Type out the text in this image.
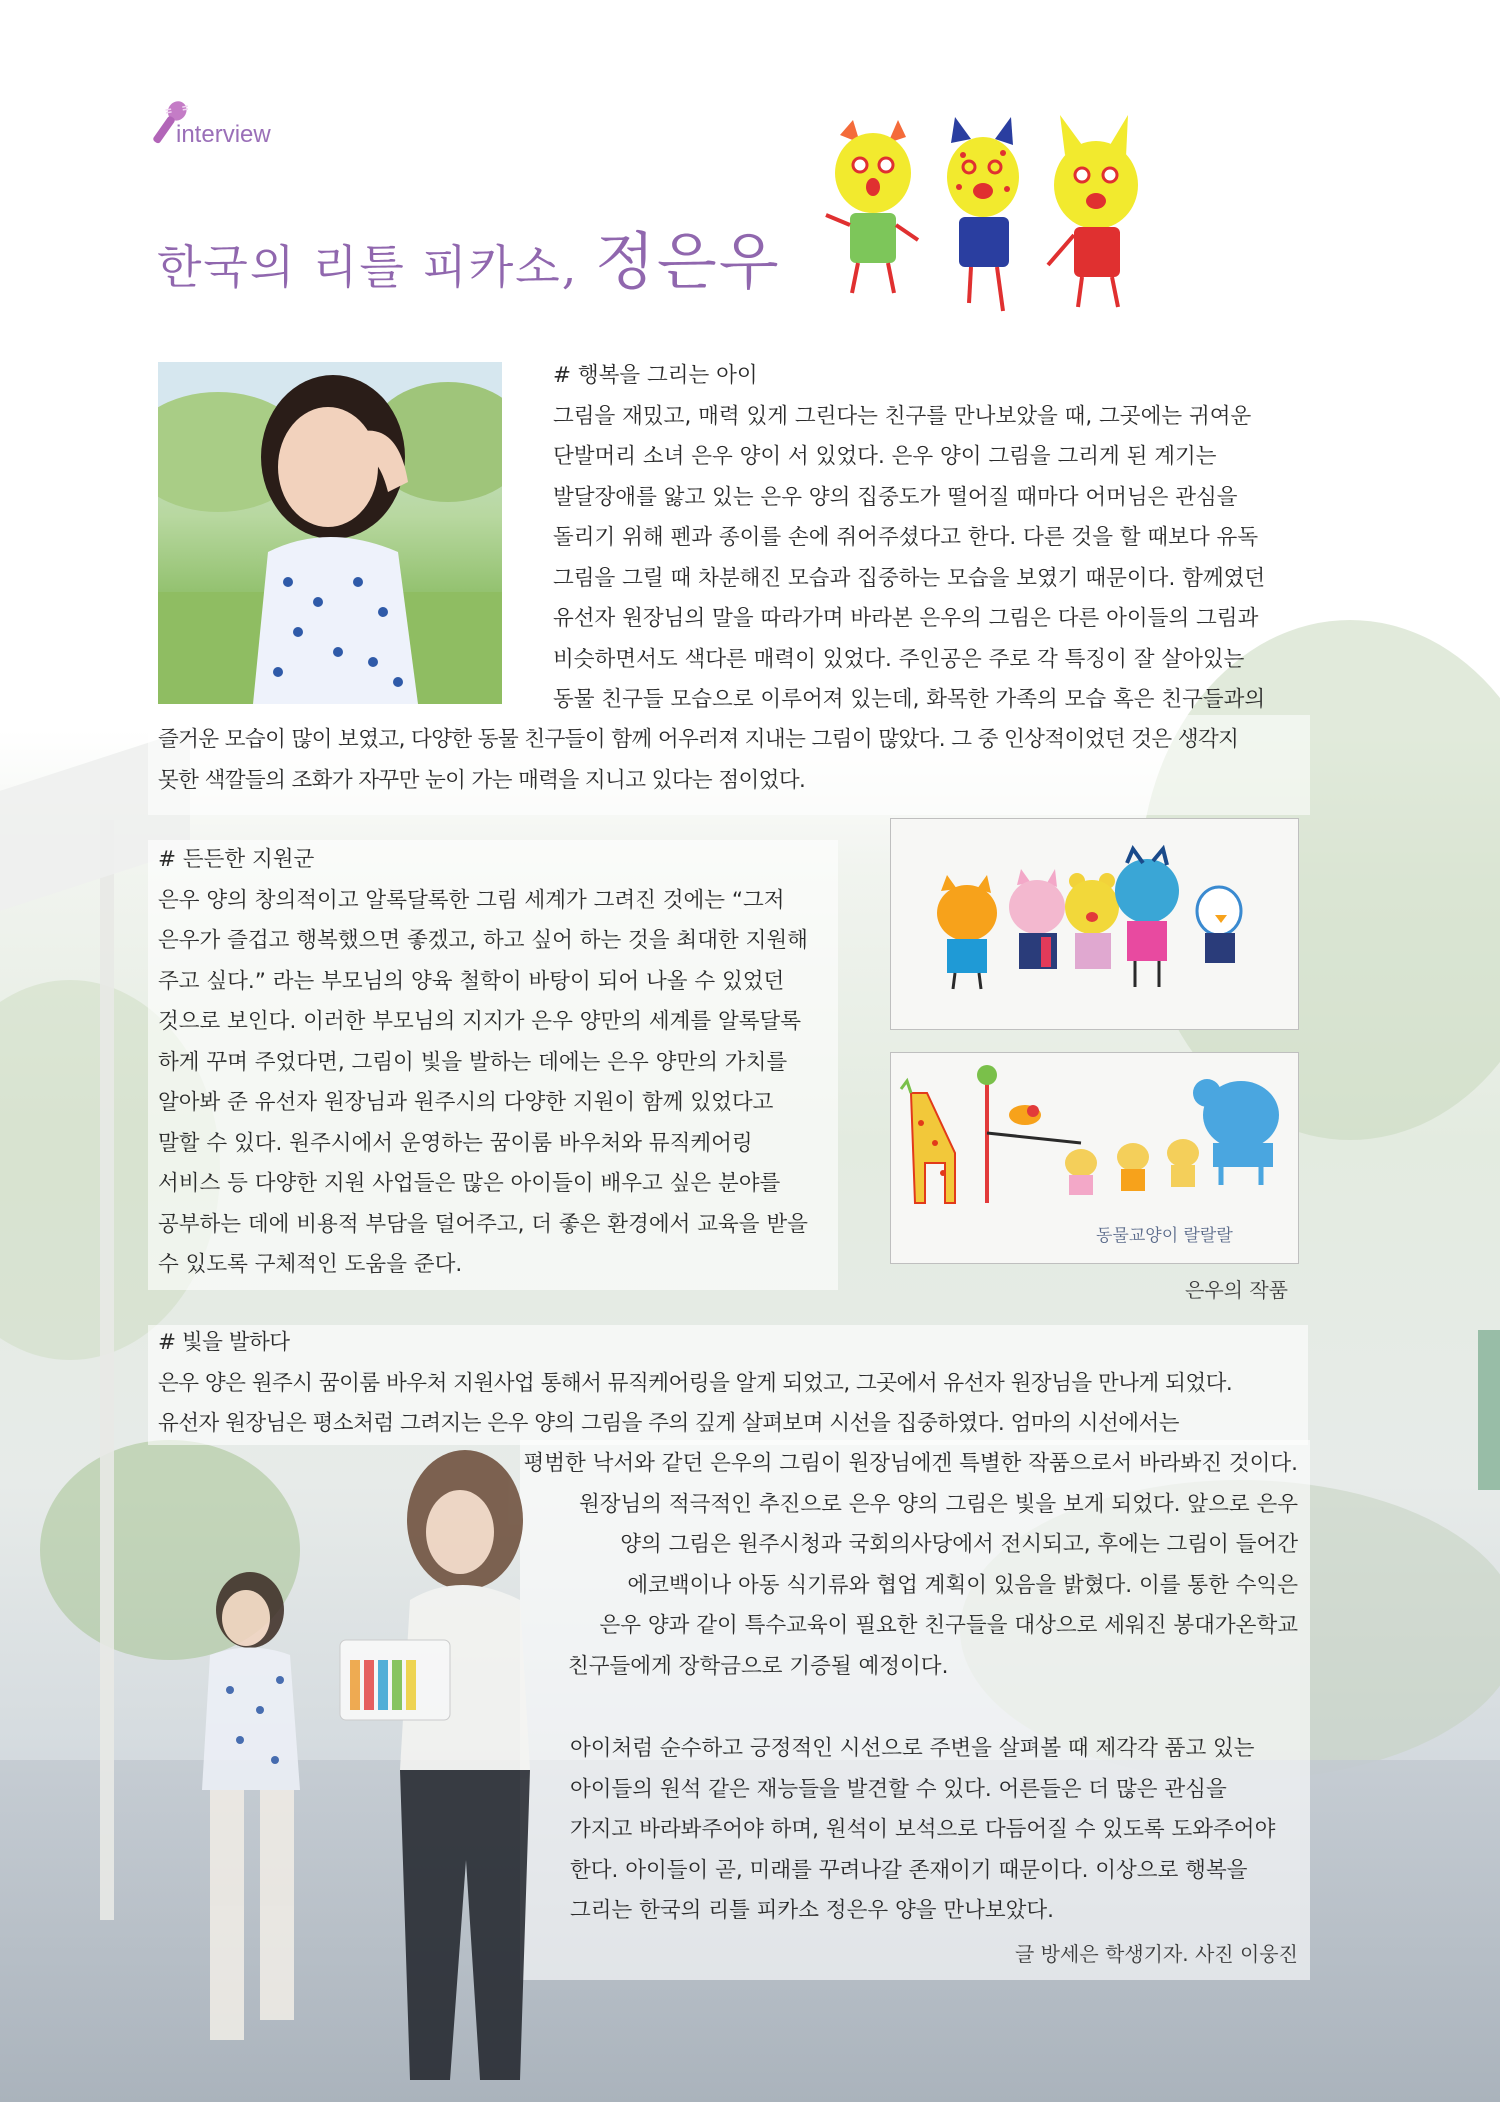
interview
한국의 리틀 피카소, 정은우
# 행복을 그리는 아이
그림을 재밌고, 매력 있게 그린다는 친구를 만나보았을 때, 그곳에는 귀여운
단발머리 소녀 은우 양이 서 있었다. 은우 양이 그림을 그리게 된 계기는
발달장애를 앓고 있는 은우 양의 집중도가 떨어질 때마다 어머님은 관심을
돌리기 위해 펜과 종이를 손에 쥐어주셨다고 한다. 다른 것을 할 때보다 유독
그림을 그릴 때 차분해진 모습과 집중하는 모습을 보였기 때문이다. 함께였던
유선자 원장님의 말을 따라가며 바라본 은우의 그림은 다른 아이들의 그림과
비슷하면서도 색다른 매력이 있었다. 주인공은 주로 각 특징이 잘 살아있는
동물 친구들 모습으로 이루어져 있는데, 화목한 가족의 모습 혹은 친구들과의
즐거운 모습이 많이 보였고, 다양한 동물 친구들이 함께 어우러져 지내는 그림이 많았다. 그 중 인상적이었던 것은 생각지
못한 색깔들의 조화가 자꾸만 눈이 가는 매력을 지니고 있다는 점이었다.
# 든든한 지원군
은우 양의 창의적이고 알록달록한 그림 세계가 그려진 것에는 “그저
은우가 즐겁고 행복했으면 좋겠고, 하고 싶어 하는 것을 최대한 지원해
주고 싶다.” 라는 부모님의 양육 철학이 바탕이 되어 나올 수 있었던
것으로 보인다. 이러한 부모님의 지지가 은우 양만의 세계를 알록달록
하게 꾸며 주었다면, 그림이 빛을 발하는 데에는 은우 양만의 가치를
알아봐 준 유선자 원장님과 원주시의 다양한 지원이 함께 있었다고
말할 수 있다. 원주시에서 운영하는 꿈이룸 바우처와 뮤직케어링
서비스 등 다양한 지원 사업들은 많은 아이들이 배우고 싶은 분야를
공부하는 데에 비용적 부담을 덜어주고, 더 좋은 환경에서 교육을 받을
수 있도록 구체적인 도움을 준다.
동물교양이 랄랄랄
은우의 작품
# 빛을 발하다
은우 양은 원주시 꿈이룸 바우처 지원사업 통해서 뮤직케어링을 알게 되었고, 그곳에서 유선자 원장님을 만나게 되었다.
유선자 원장님은 평소처럼 그려지는 은우 양의 그림을 주의 깊게 살펴보며 시선을 집중하였다. 엄마의 시선에서는
평범한 낙서와 같던 은우의 그림이 원장님에겐 특별한 작품으로서 바라봐진 것이다.
원장님의 적극적인 추진으로 은우 양의 그림은 빛을 보게 되었다. 앞으로 은우
양의 그림은 원주시청과 국회의사당에서 전시되고, 후에는 그림이 들어간
에코백이나 아동 식기류와 협업 계획이 있음을 밝혔다. 이를 통한 수익은
은우 양과 같이 특수교육이 필요한 친구들을 대상으로 세워진 봉대가온학교
친구들에게 장학금으로 기증될 예정이다.
아이처럼 순수하고 긍정적인 시선으로 주변을 살펴볼 때 제각각 품고 있는
아이들의 원석 같은 재능들을 발견할 수 있다. 어른들은 더 많은 관심을
가지고 바라봐주어야 하며, 원석이 보석으로 다듬어질 수 있도록 도와주어야
한다. 아이들이 곧, 미래를 꾸려나갈 존재이기 때문이다. 이상으로 행복을
그리는 한국의 리틀 피카소 정은우 양을 만나보았다.
글 방세은 학생기자. 사진 이웅진
